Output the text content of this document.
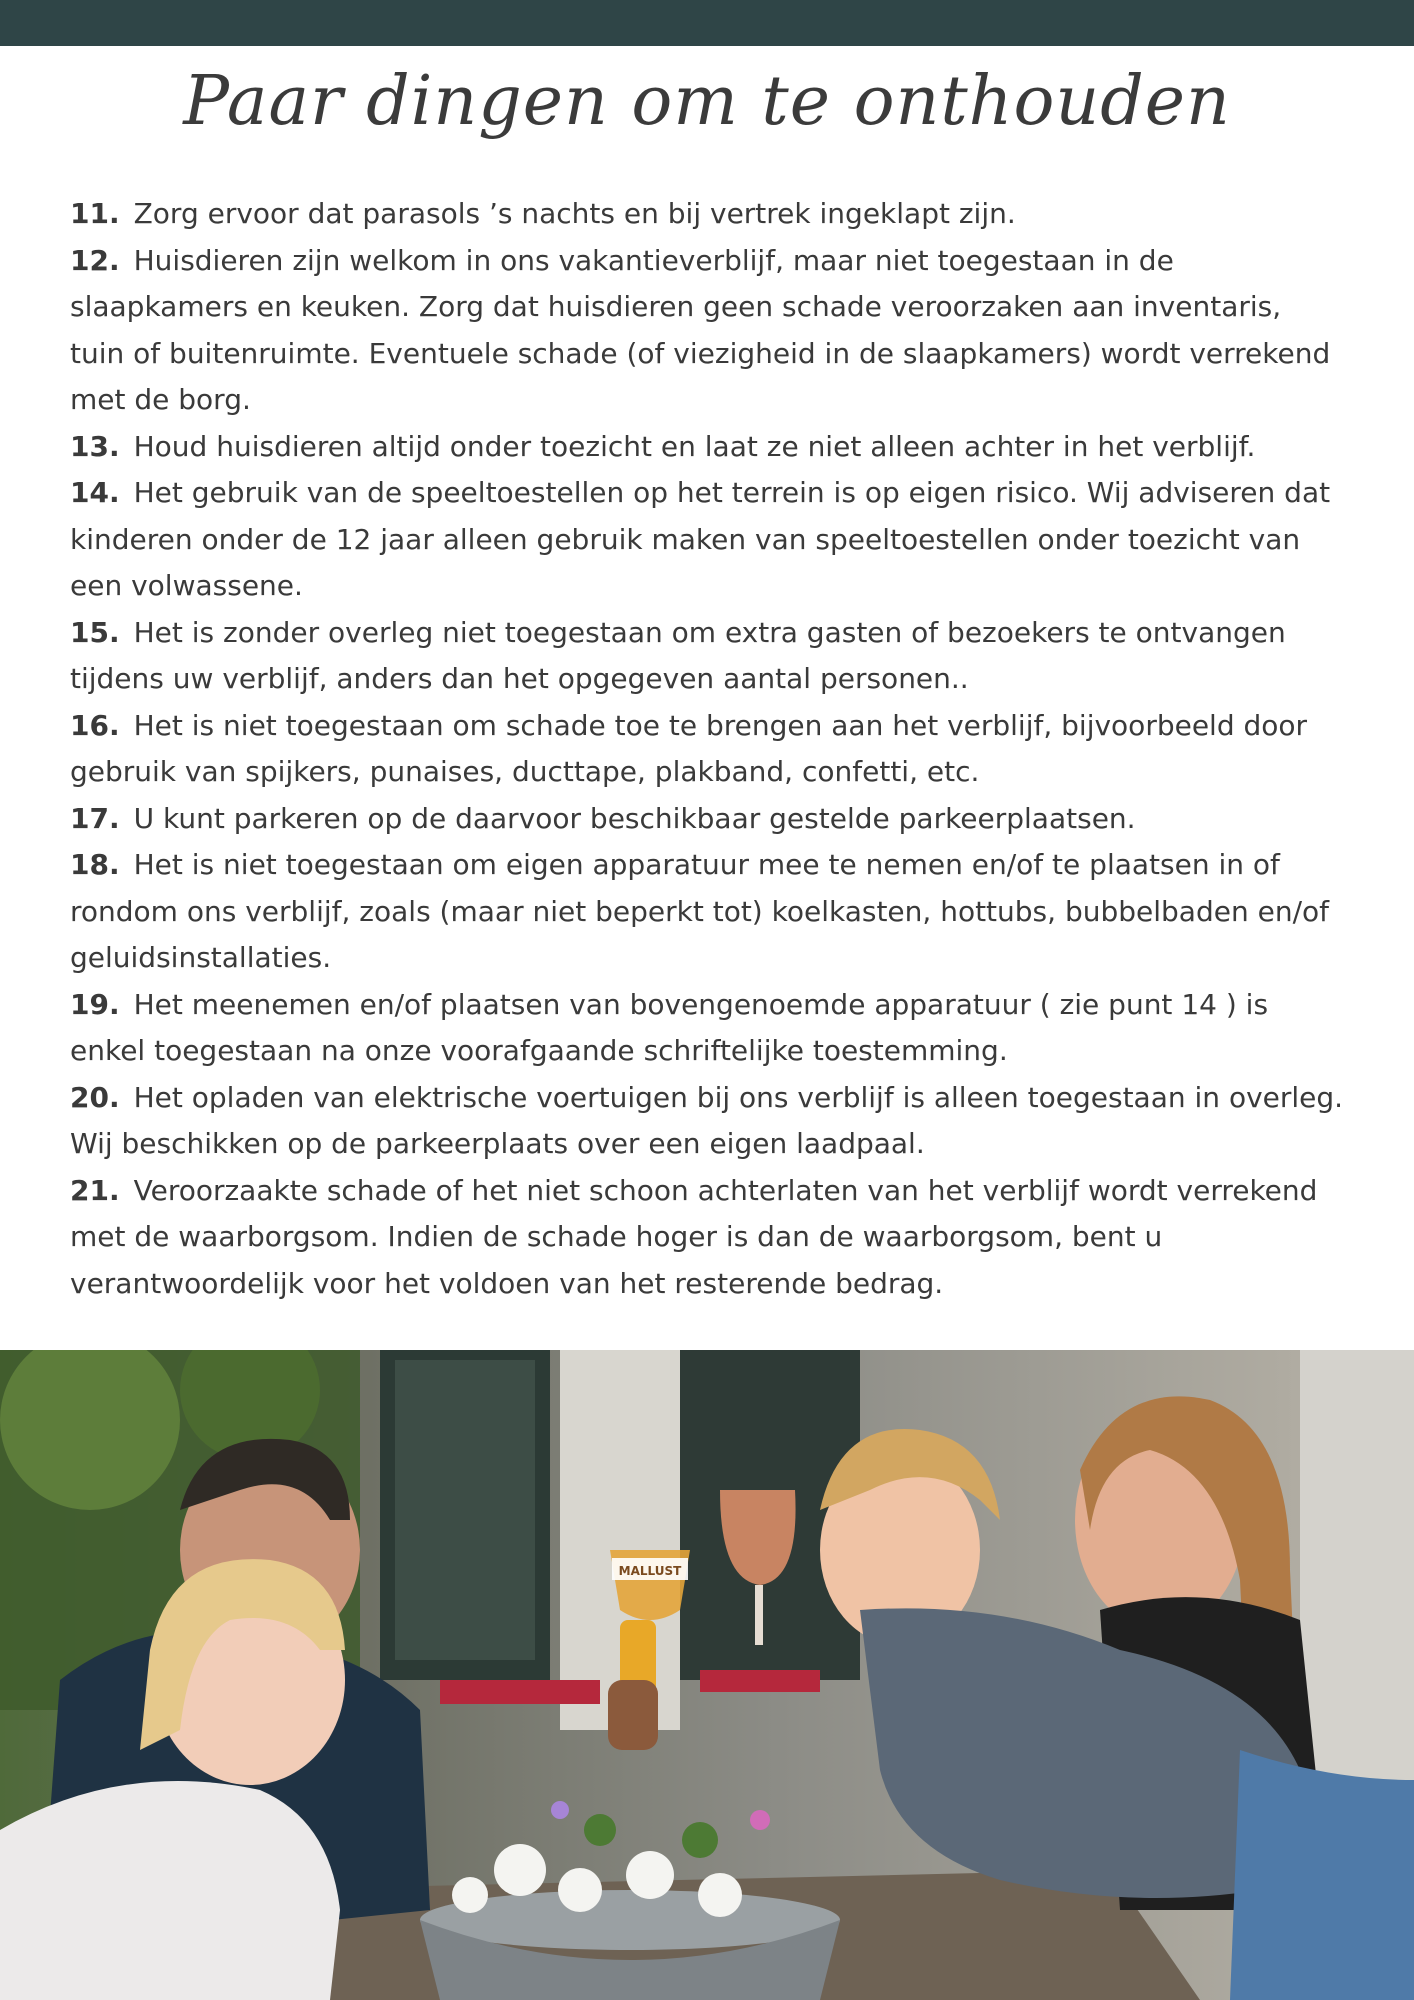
Paar dingen om te onthouden

11. Zorg ervoor dat parasols ’s nachts en bij vertrek ingeklapt zijn.

12. Huisdieren zijn welkom in ons vakantieverblijf, maar niet toegestaan in de slaapkamers en keuken. Zorg dat huisdieren geen schade veroorzaken aan inventaris, tuin of buitenruimte. Eventuele schade (of viezigheid in de slaapkamers) wordt verrekend met de borg.

13. Houd huisdieren altijd onder toezicht en laat ze niet alleen achter in het verblijf.

14. Het gebruik van de speeltoestellen op het terrein is op eigen risico. Wij adviseren dat kinderen onder de 12 jaar alleen gebruik maken van speeltoestellen onder toezicht van een volwassene.

15. Het is zonder overleg niet toegestaan om extra gasten of bezoekers te ontvangen tijdens uw verblijf, anders dan het opgegeven aantal personen..

16. Het is niet toegestaan om schade toe te brengen aan het verblijf, bijvoorbeeld door gebruik van spijkers, punaises, ducttape, plakband, confetti, etc.

17. U kunt parkeren op de daarvoor beschikbaar gestelde parkeerplaatsen.

18. Het is niet toegestaan om eigen apparatuur mee te nemen en/of te plaatsen in of rondom ons verblijf, zoals (maar niet beperkt tot) koelkasten, hottubs, bubbelbaden en/of geluidsinstallaties.

19. Het meenemen en/of plaatsen van bovengenoemde apparatuur ( zie punt 14 ) is enkel toegestaan na onze voorafgaande schriftelijke toestemming.

20. Het opladen van elektrische voertuigen bij ons verblijf is alleen toegestaan in overleg. Wij beschikken op de parkeerplaats over een eigen laadpaal.

21. Veroorzaakte schade of het niet schoon achterlaten van het verblijf wordt verrekend met de waarborgsom. Indien de schade hoger is dan de waarborgsom, bent u verantwoordelijk voor het voldoen van het resterende bedrag.

MALLUST
